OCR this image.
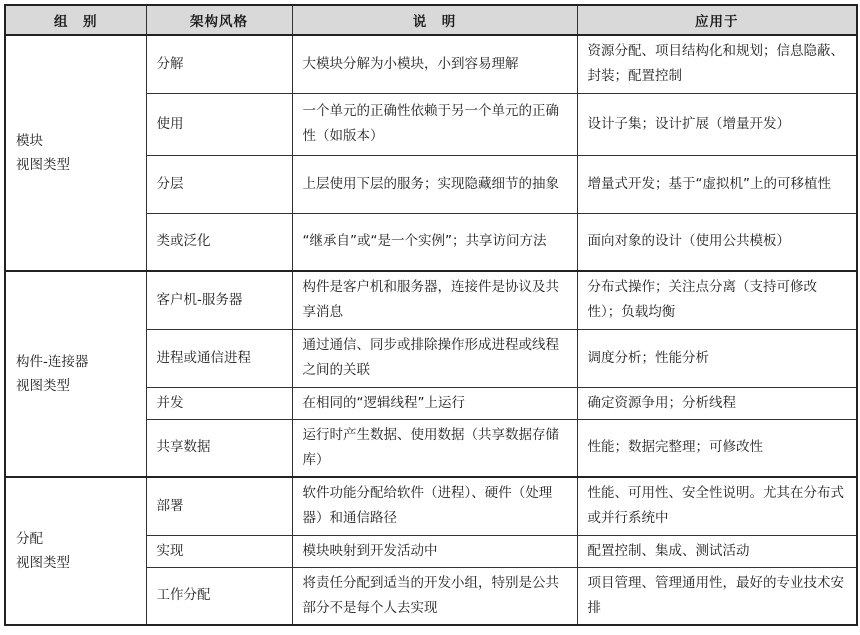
组　别	架构风格	说　明	应用于

模块
视图类型	分解	大模块分解为小模块，小到容易理解	资源分配、项目结构化和规划；信息隐蔽、封装；配置控制
	使用	一个单元的正确性依赖于另一个单元的正确性（如版本）	设计子集；设计扩展（增量开发）
	分层	上层使用下层的服务；实现隐藏细节的抽象	增量式开发；基于“虚拟机”上的可移植性
	类或泛化	“继承自”或“是一个实例”；共享访问方法	面向对象的设计（使用公共模板）

构件-连接器
视图类型	客户机-服务器	构件是客户机和服务器，连接件是协议及共享消息	分布式操作；关注点分离（支持可修改性）；负载均衡
	进程或通信进程	通过通信、同步或排除操作形成进程或线程之间的关联	调度分析；性能分析
	并发	在相同的“逻辑线程”上运行	确定资源争用；分析线程
	共享数据	运行时产生数据、使用数据（共享数据存储库）	性能；数据完整理；可修改性

分配
视图类型	部署	软件功能分配给软件（进程）、硬件（处理器）和通信路径	性能、可用性、安全性说明。尤其在分布式或并行系统中
	实现	模块映射到开发活动中	配置控制、集成、测试活动
	工作分配	将责任分配到适当的开发小组，特别是公共部分不是每个人去实现	项目管理、管理通用性，最好的专业技术安排
